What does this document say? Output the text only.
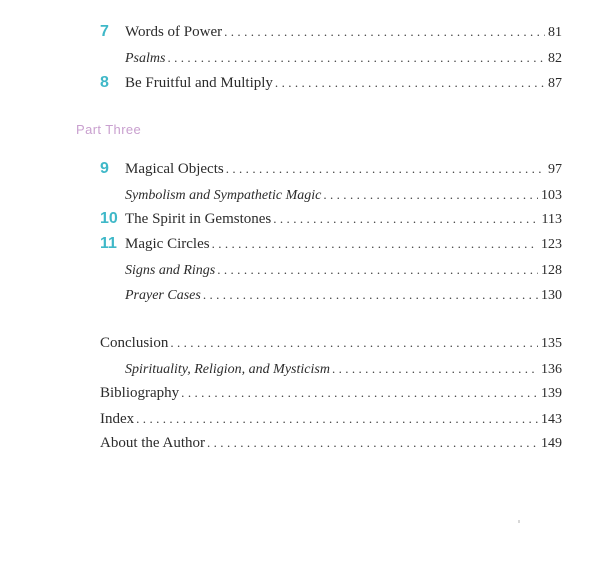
7	Words of Power .....	81
Psalms .....	82
8	Be Fruitful and Multiply .....	87
Part Three
9	Magical Objects .....	97
Symbolism and Sympathetic Magic .....	103
10 The Spirit in Gemstones .....	113
11 Magic Circles .....	123
Signs and Rings .....	128
Prayer Cases .....	130
Conclusion .....	135
Spirituality, Religion, and Mysticism .....	136
Bibliography .....	139
Index .....	143
About the Author .....	149
